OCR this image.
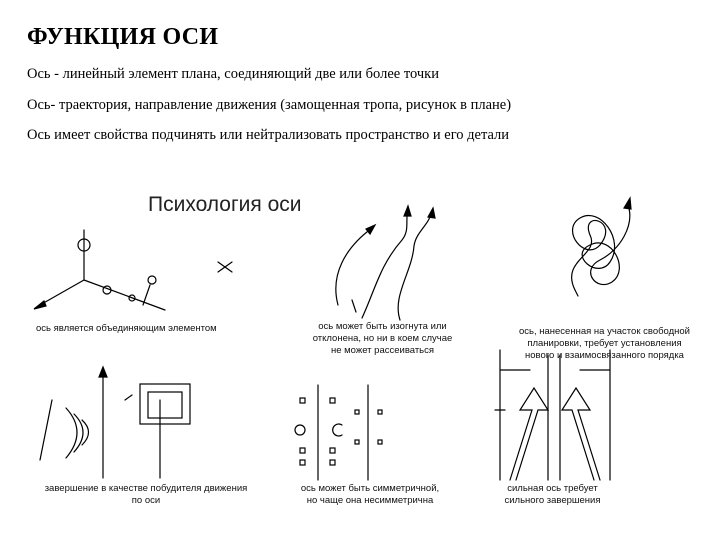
ФУНКЦИЯ ОСИ
Ось - линейный элемент плана, соединяющий две или более точки
Ось- траектория, направление движения (замощенная тропа, рисунок в плане)
Ось имеет свойства подчинять или нейтрализовать пространство и его детали
Психология оси
ось является объединяющим элементом	ось может быть изогнута или
отклонена, но ни в коем случае
не может рассеиваться
ось, нанесенная на участок свободной
планировки, требует установления
нового и взаимосвязанного порядка
завершение в качестве побудителя движения
по оси
ось может быть симметричной,
но чаще она несимметрична
сильная ось требует
сильного завершения
